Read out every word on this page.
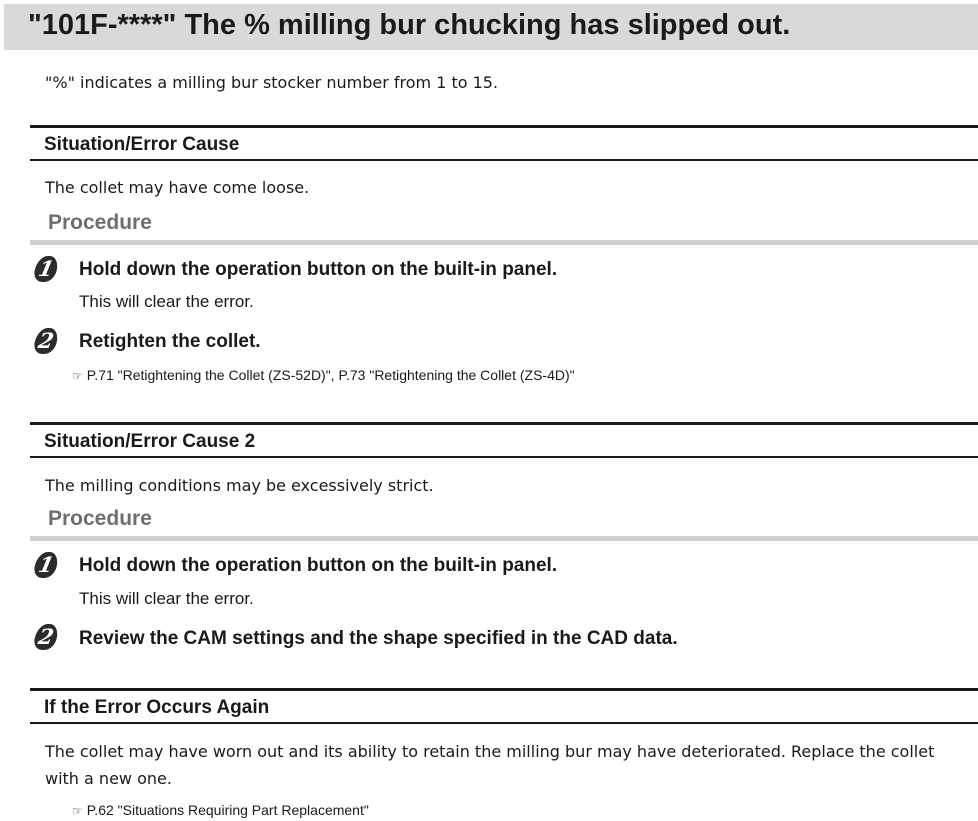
"101F-****" The % milling bur chucking has slipped out.
"%" indicates a milling bur stocker number from 1 to 15.
Situation/Error Cause
The collet may have come loose.
Procedure
1 Hold down the operation button on the built-in panel.
This will clear the error.
2 Retighten the collet.
☞ P.71 "Retightening the Collet (ZS-52D)", P.73 "Retightening the Collet (ZS-4D)"
Situation/Error Cause 2
The milling conditions may be excessively strict.
Procedure
1 Hold down the operation button on the built-in panel.
This will clear the error.
2 Review the CAM settings and the shape specified in the CAD data.
If the Error Occurs Again
The collet may have worn out and its ability to retain the milling bur may have deteriorated. Replace the collet with a new one.
☞ P.62 "Situations Requiring Part Replacement"
